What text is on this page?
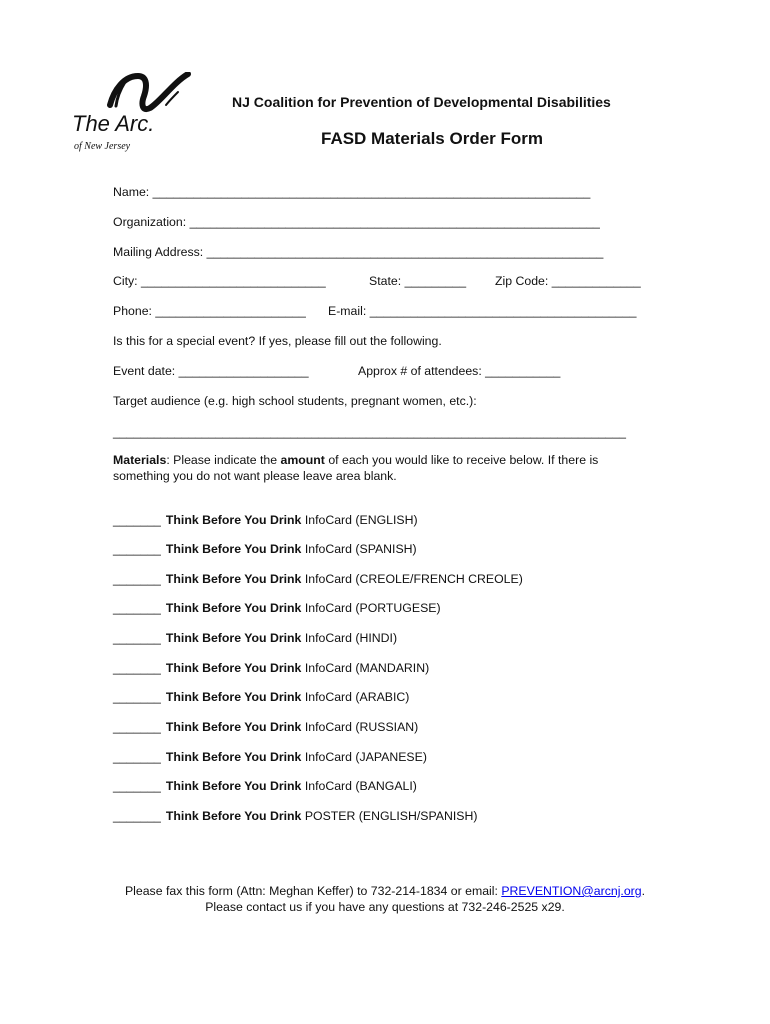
The Arc.
of New Jersey
NJ Coalition for Prevention of Developmental Disabilities
FASD Materials Order Form
Name: ________________________________________________________________
Organization: ____________________________________________________________
Mailing Address: __________________________________________________________
City: ___________________________	State: _________ Zip Code: _____________
Phone: ______________________ E-mail: _______________________________________
Is this for a special event? If yes, please fill out the following.
Event date: ___________________	Approx # of attendees: ___________
Target audience (e.g. high school students, pregnant women, etc.):
___________________________________________________________________________
Materials: Please indicate the amount of each you would like to receive below. If there is
something you do not want please leave area blank.
_______ Think Before You Drink InfoCard (ENGLISH)
_______ Think Before You Drink InfoCard (SPANISH)
_______ Think Before You Drink InfoCard (CREOLE/FRENCH CREOLE)
_______ Think Before You Drink InfoCard (PORTUGESE)
_______ Think Before You Drink InfoCard (HINDI)
_______ Think Before You Drink InfoCard (MANDARIN)
_______ Think Before You Drink InfoCard (ARABIC)
_______ Think Before You Drink InfoCard (RUSSIAN)
_______ Think Before You Drink InfoCard (JAPANESE)
_______ Think Before You Drink InfoCard (BANGALI)
_______ Think Before You Drink POSTER (ENGLISH/SPANISH)
Please fax this form (Attn: Meghan Keffer) to 732-214-1834 or email: PREVENTION@arcnj.org.
Please contact us if you have any questions at 732-246-2525 x29.
